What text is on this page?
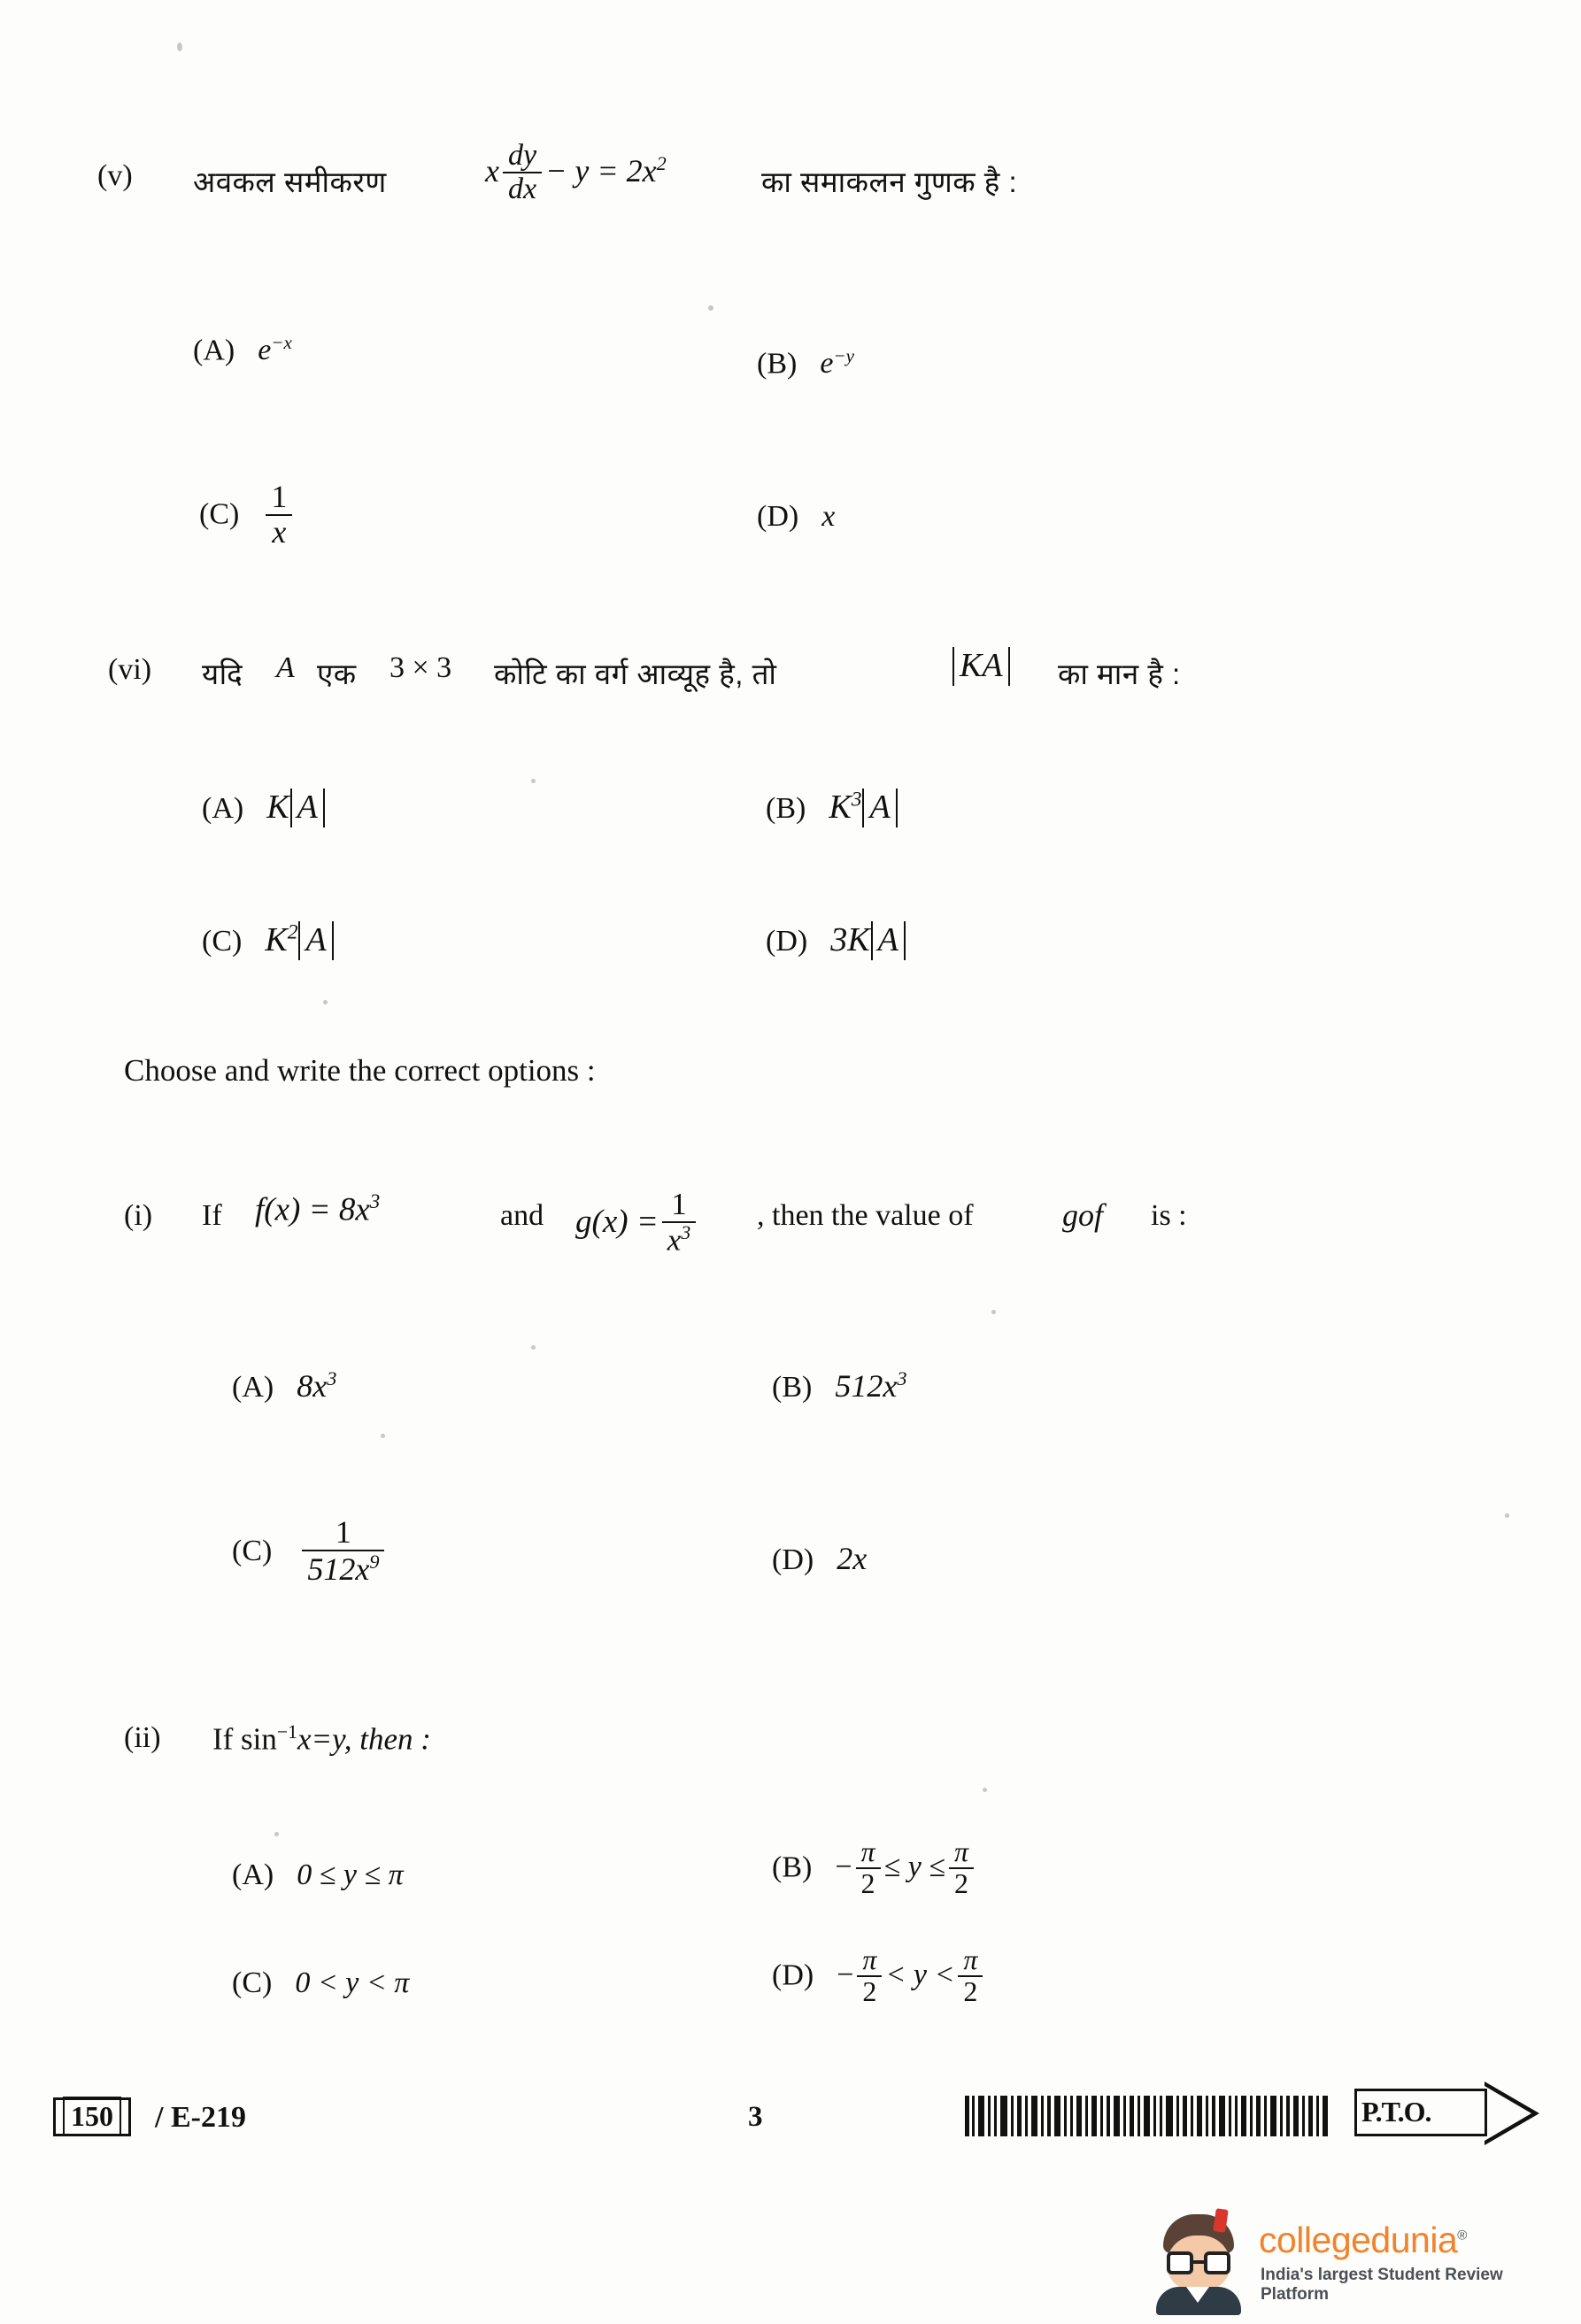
(v) अवकल समीकरण	x $\frac{dy}{dx} - y = 2x^2$
का समाकलन गुणक है :
(A) $e^{-x}$
(B) $e^{-y}$
$(C) \frac{1}{x}$	(D) x
(vi) यदि A एक 3 × 3 कोटि का वर्ग आव्यूह है, तो	KA का मान है :
(A) K A	(B) $K^3$ A
(C) $K^2$ A	(D) 3K A
Choose and write the correct options :
(i) If $f(x) = 8x^3$	and $g(x) = \frac{1}{x^3}$ , then the value of	gof is :
(A) $8x^3$	(B) $512x^3$
$(C) \frac{1}{512x^9}$	(D) 2x
(ii) If $\sin^{-1}x=y$, then :
(A) 0 ≤ y ≤ π	$(B) - \frac{\pi}{2} \le y \le \frac{\pi}{2}$
(C) 0 < y < π	$(D) - \frac{\pi}{2} < y < \frac{\pi}{2}$
150	/ E-219	3	P.T.O.
collegedunia®
India's largest Student Review Platform
